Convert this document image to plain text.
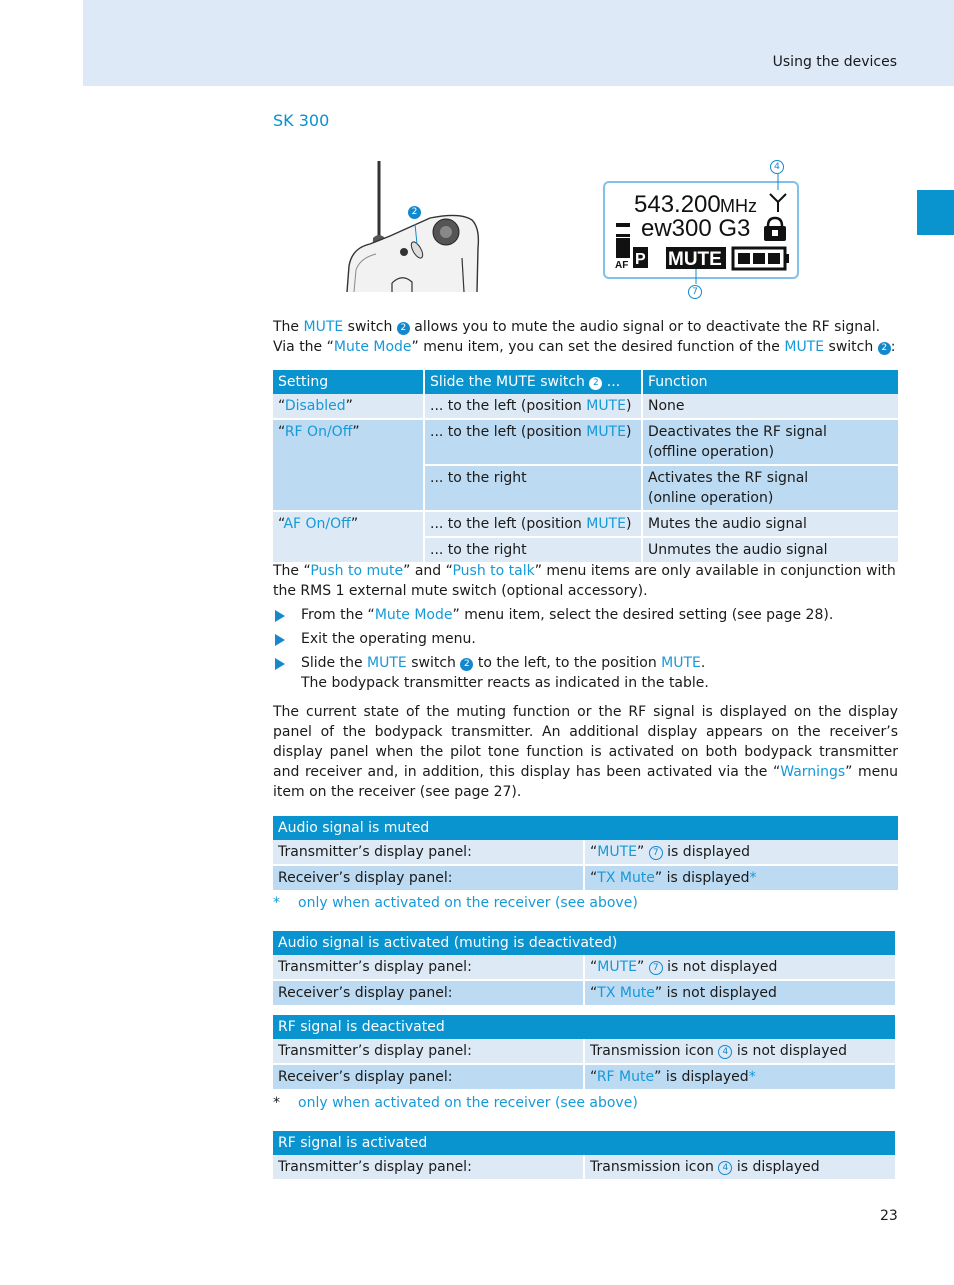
Using the devices
SK 300
2	543.200 MHz
ew300 G3
AF P MUTE
4
7
The MUTE switch 2 allows you to mute the audio signal or to deactivate the RF signal. Via the “Mute Mode” menu item, you can set the desired function of the MUTE switch 2 :
Setting	Slide the MUTE switch 2 ...	Function
“Disabled”	... to the left (position MUTE)	None
“RF On/Off”	... to the left (position MUTE)	Deactivates the RF signal
(offline operation)
	... to the right	Activates the RF signal
(online operation)
“AF On/Off”	... to the left (position MUTE)	Mutes the audio signal
	... to the right	Unmutes the audio signal
The “Push to mute” and “Push to talk” menu items are only available in conjunction with the RMS 1 external mute switch (optional accessory).
From the “Mute Mode” menu item, select the desired setting (see page 28).
Exit the operating menu.
Slide the MUTE switch 2 to the left, to the position MUTE.
The bodypack transmitter reacts as indicated in the table.
The current state of the muting function or the RF signal is displayed on the display panel of the bodypack transmitter. An additional display appears on the receiver’s display panel when the pilot tone function is activated on both bodypack transmitter and receiver and, in addition, this display has been activated via the “Warnings” menu item on the receiver (see page 27).
Audio signal is muted	
Transmitter’s display panel:	“MUTE” 7 is displayed
Receiver’s display panel:	“TX Mute” is displayed*
* only when activated on the receiver (see above)
Audio signal is activated (muting is deactivated)	
Transmitter’s display panel:	“MUTE” 7 is not displayed
Receiver’s display panel:	“TX Mute” is not displayed
RF signal is deactivated	
Transmitter’s display panel:	Transmission icon 4 is not displayed
Receiver’s display panel:	“RF Mute” is displayed*
* only when activated on the receiver (see above)
RF signal is activated
Transmitter’s display panel:	Transmission icon 4 is displayed
23
